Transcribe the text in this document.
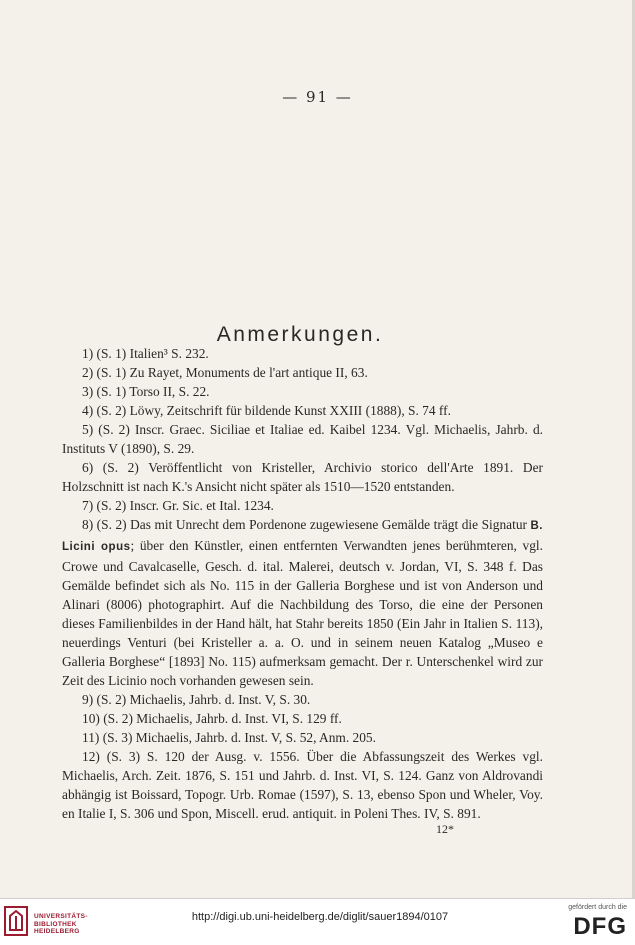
— 91 —
Anmerkungen.

1) (S. 1) Italien³ S. 232.

2) (S. 1) Zu Rayet, Monuments de l'art antique II, 63.

3) (S. 1) Torso II, S. 22.

4) (S. 2) Löwy, Zeitschrift für bildende Kunst XXIII (1888), S. 74 ff.

5) (S. 2) Inscr. Graec. Siciliae et Italiae ed. Kaibel 1234. Vgl. Michaelis, Jahrb. d. Instituts V (1890), S. 29.

6) (S. 2) Veröffentlicht von Kristeller, Archivio storico dell'Arte 1891. Der Holzschnitt ist nach K.'s Ansicht nicht später als 1510—1520 entstanden.

7) (S. 2) Inscr. Gr. Sic. et Ital. 1234.

8) (S. 2) Das mit Unrecht dem Pordenone zugewiesene Gemälde trägt die Signatur B. Licini opus; über den Künstler, einen entfernten Verwandten jenes berühmteren, vgl. Crowe und Cavalcaselle, Gesch. d. ital. Malerei, deutsch v. Jordan, VI, S. 348 f. Das Gemälde befindet sich als No. 115 in der Galleria Borghese und ist von Anderson und Alinari (8006) photographirt. Auf die Nachbildung des Torso, die eine der Personen dieses Familienbildes in der Hand hält, hat Stahr bereits 1850 (Ein Jahr in Italien S. 113), neuerdings Venturi (bei Kristeller a. a. O. und in seinem neuen Katalog „Museo e Galleria Borghese“ [1893] No. 115) aufmerksam gemacht. Der r. Unterschenkel wird zur Zeit des Licinio noch vorhanden gewesen sein.

9) (S. 2) Michaelis, Jahrb. d. Inst. V, S. 30.

10) (S. 2) Michaelis, Jahrb. d. Inst. VI, S. 129 ff.

11) (S. 3) Michaelis, Jahrb. d. Inst. V, S. 52, Anm. 205.

12) (S. 3) S. 120 der Ausg. v. 1556. Über die Abfassungszeit des Werkes vgl. Michaelis, Arch. Zeit. 1876, S. 151 und Jahrb. d. Inst. VI, S. 124. Ganz von Aldrovandi abhängig ist Boissard, Topogr. Urb. Romae (1597), S. 13, ebenso Spon und Wheler, Voy. en Italie I, S. 306 und Spon, Miscell. erud. antiquit. in Poleni Thes. IV, S. 891.

12*
UNIVERSITÄTS-
BIBLIOTHEK
HEIDELBERG
http://digi.ub.uni-heidelberg.de/diglit/sauer1894/0107
gefördert durch die
DFG
